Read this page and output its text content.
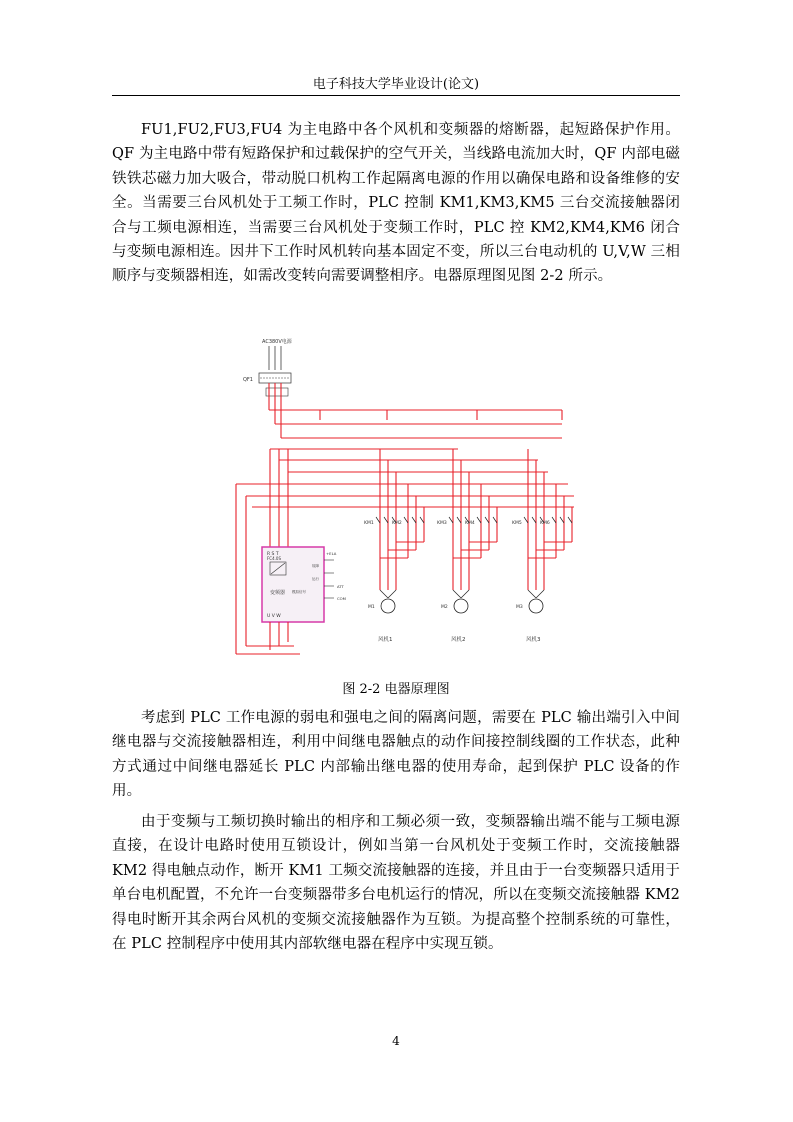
电子科技大学毕业设计(论文)

FU1,FU2,FU3,FU4 为主电路中各个风机和变频器的熔断器，起短路保护作用。QF 为主电路中带有短路保护和过载保护的空气开关，当线路电流加大时，QF 内部电磁铁铁芯磁力加大吸合，带动脱口机构工作起隔离电源的作用以确保电路和设备维修的安全。当需要三台风机处于工频工作时，PLC 控制 KM1,KM3,KM5 三台交流接触器闭合与工频电源相连，当需要三台风机处于变频工作时，PLC 控 KM2,KM4,KM6 闭合与变频电源相连。因井下工作时风机转向基本固定不变，所以三台电动机的 U,V,W 三相顺序与变频器相连，如需改变转向需要调整相序。电器原理图见图 2-2 所示。

AC380V电源
QF1
KM1	KM2
M1
风机1
KM3	KM4
M2
风机2
KM5	KM6
M3
风机3
R S T
FC4.0S
变频器 模拟信号
U V W
+ELA
故障
运行
ATT
COM
图 2-2 电器原理图

考虑到 PLC 工作电源的弱电和强电之间的隔离问题，需要在 PLC 输出端引入中间继电器与交流接触器相连，利用中间继电器触点的动作间接控制线圈的工作状态，此种方式通过中间继电器延长 PLC 内部输出继电器的使用寿命，起到保护 PLC 设备的作用。

由于变频与工频切换时输出的相序和工频必须一致，变频器输出端不能与工频电源直接，在设计电路时使用互锁设计，例如当第一台风机处于变频工作时，交流接触器 KM2 得电触点动作，断开 KM1 工频交流接触器的连接，并且由于一台变频器只适用于单台电机配置，不允许一台变频器带多台电机运行的情况，所以在变频交流接触器 KM2 得电时断开其余两台风机的变频交流接触器作为互锁。为提高整个控制系统的可靠性，在 PLC 控制程序中使用其内部软继电器在程序中实现互锁。

4
